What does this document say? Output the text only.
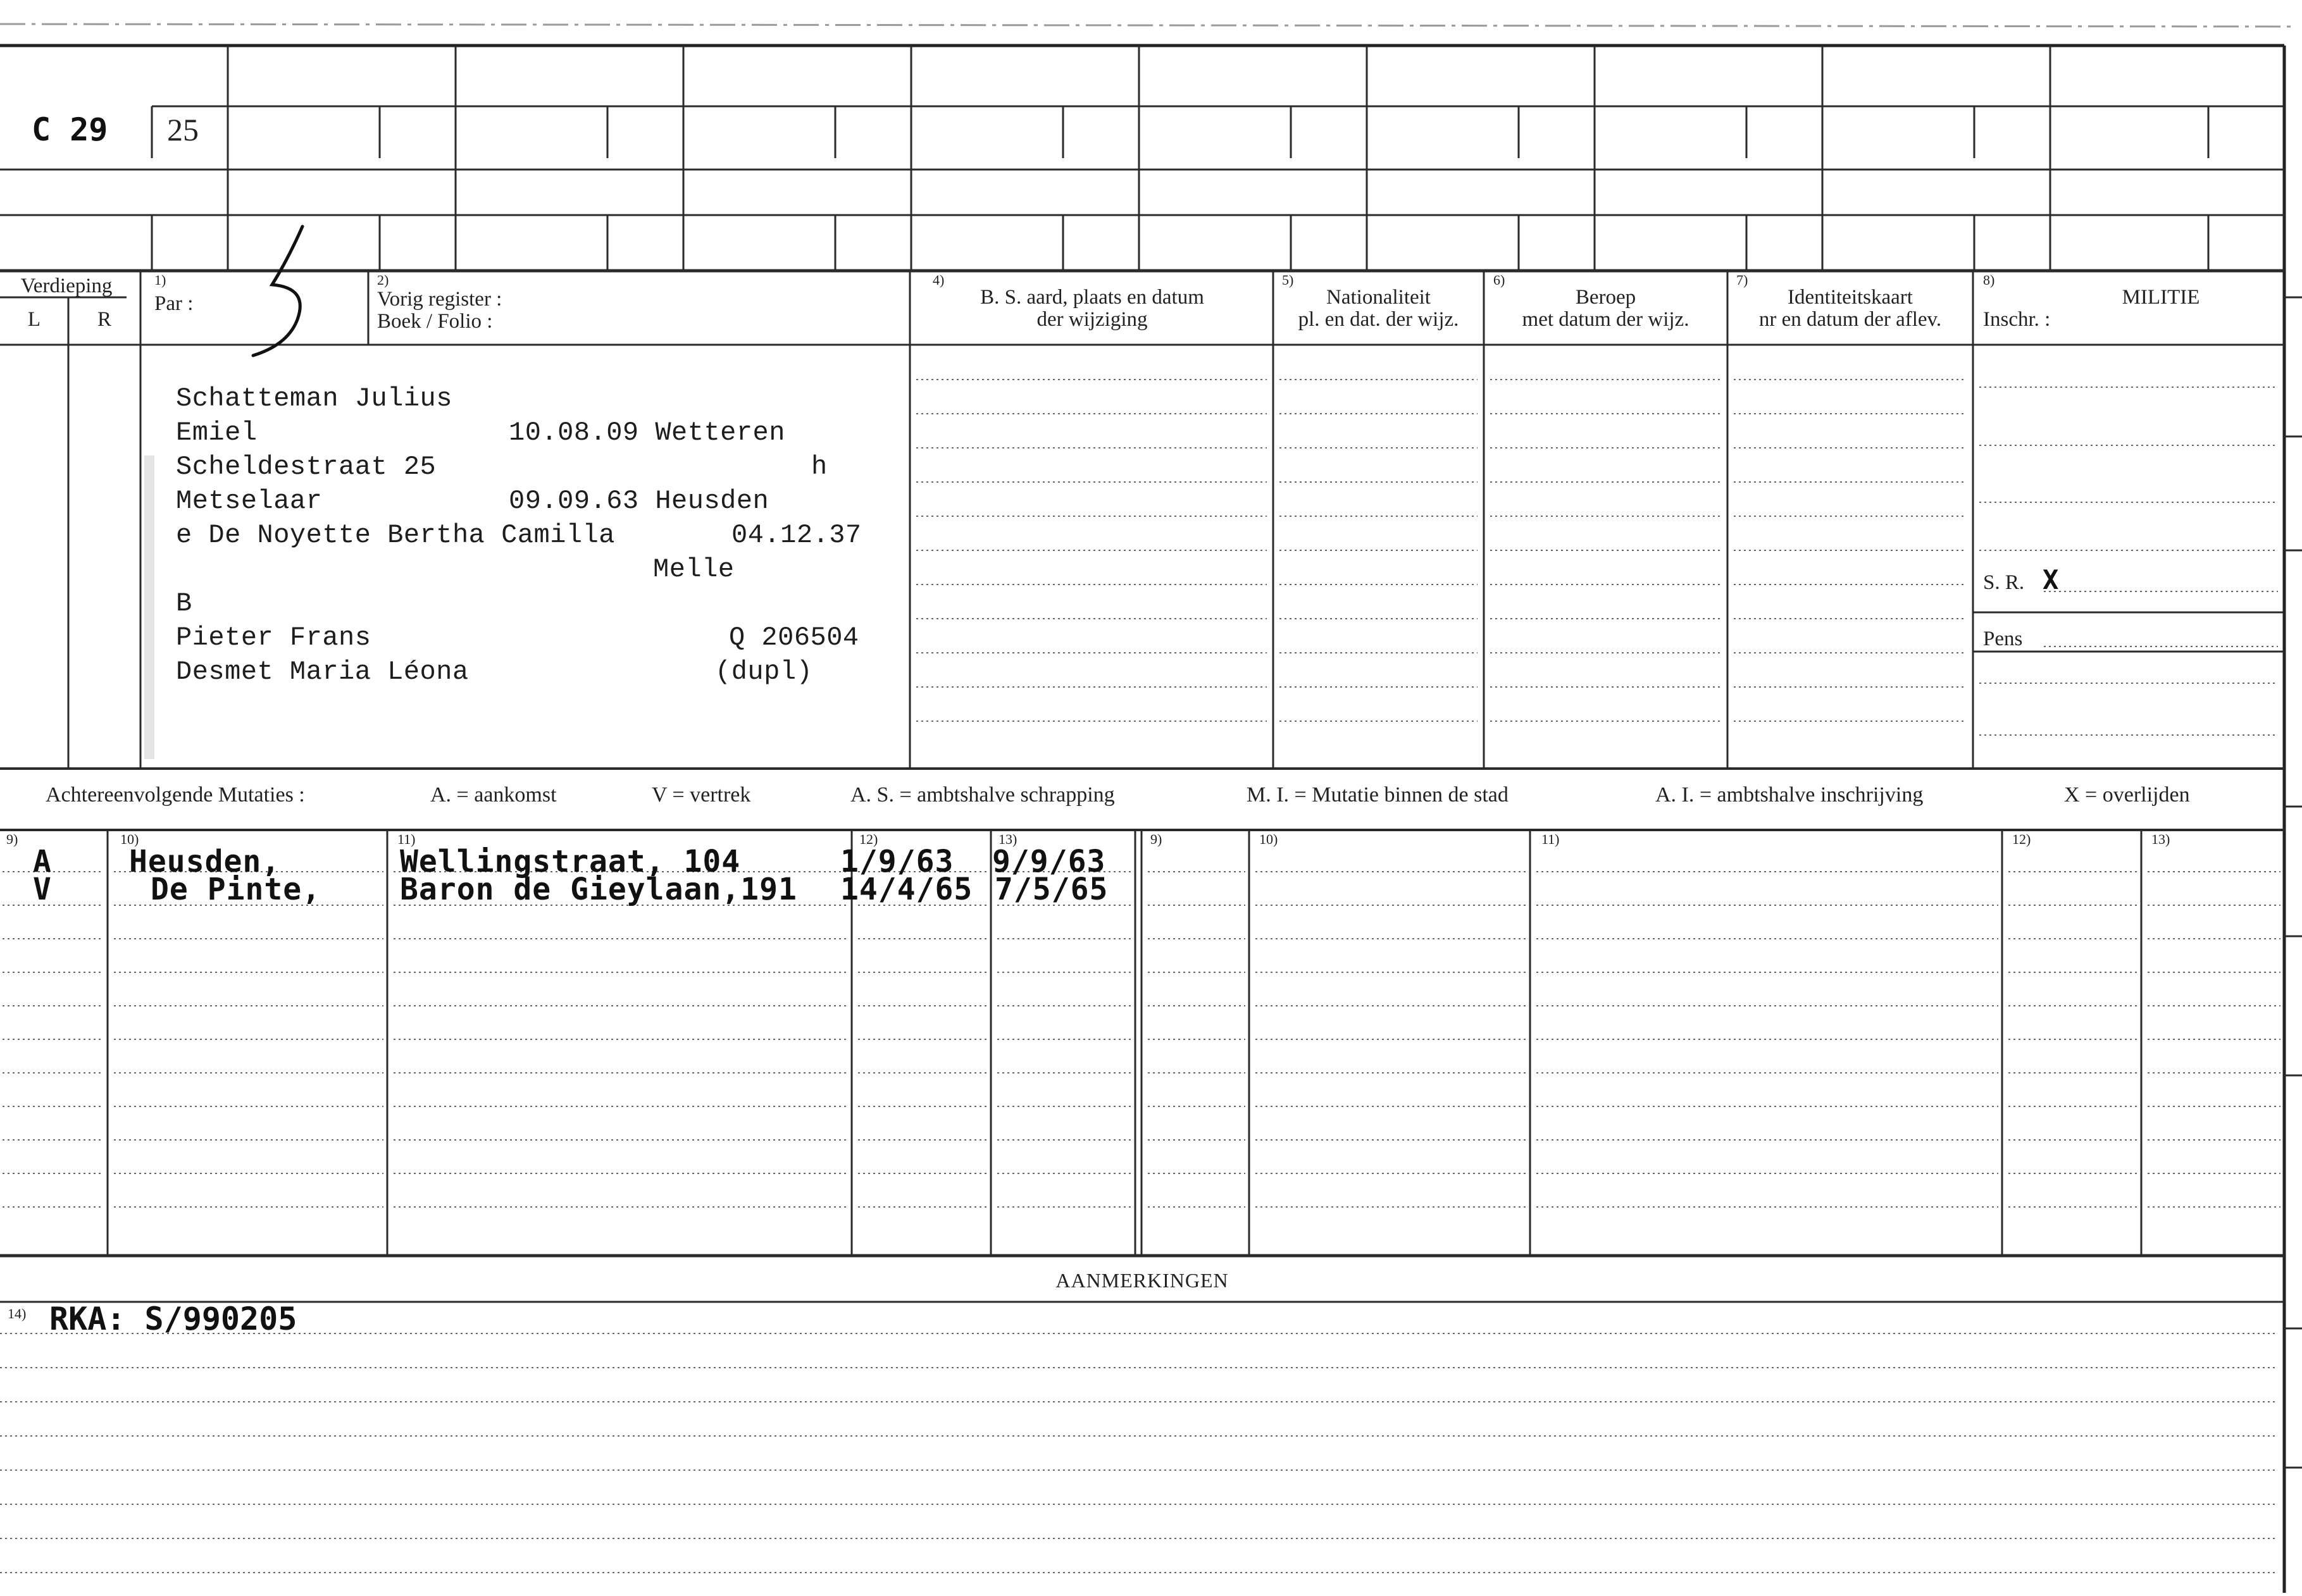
C 29 25
Verdieping
L	R
1)
Par :
2)
Vorig register :
Boek / Folio :
4)
B. S. aard, plaats en datum
der wijziging
5)
Nationaliteit
pl. en dat. der wijz.
6)
Beroep
met datum der wijz.
7)
Identiteitskaart
nr en datum der aflev.
8)
MILITIE
Inschr. :
Schatteman Julius
Emiel	10.08.09 Wetteren
Scheldestraat 25	h
Metselaar	09.09.63 Heusden
e De Noyette Bertha Camilla	04.12.37
Melle
B
Pieter Frans	Q 206504
Desmet Maria Léona	(dupl)
S. R. X
Pens
Achtereenvolgende Mutaties :	A. = aankomst	V = vertrek	A. S. = ambtshalve schrapping	M. I. = Mutatie binnen de stad	A. I. = ambtshalve inschrijving	X = overlijden
9)	10)	11)	12)	13)	9)	10)	11)	12)	13)
A	Heusden,	Wellingstraat, 104	1/9/63 9/9/63
V	De Pinte,	Baron de Gieylaan,191 14/4/65 7/5/65
AANMERKINGEN
14) RKA: S/990205
